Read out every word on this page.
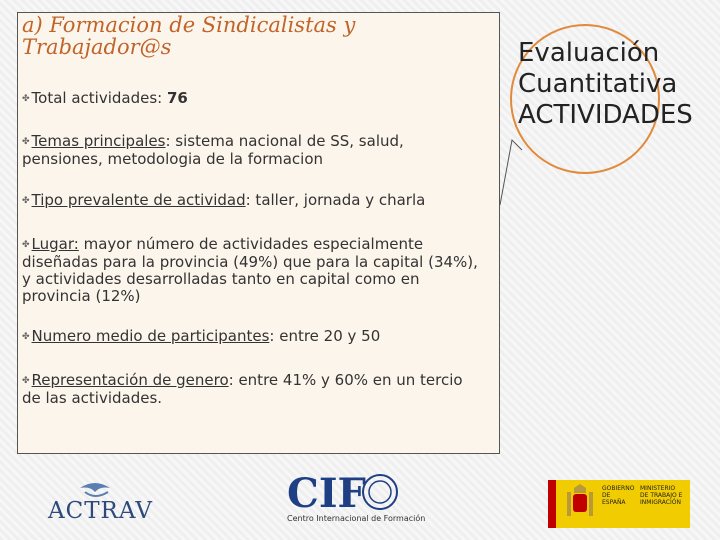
a) Formacion de Sindicalistas y Trabajador@s
✤ Total actividades: 76
✤ Temas principales: sistema nacional de SS, salud, pensiones, metodologia de la formacion
✤ Tipo prevalente de actividad: taller, jornada y charla
✤ Lugar: mayor número de actividades especialmente diseñadas para la provincia (49%) que para la capital (34%), y actividades desarrolladas tanto en capital como en provincia (12%)
✤ Numero medio de participantes: entre 20 y 50
✤ Representación de genero: entre 41% y 60% en un tercio de las actividades.
Evaluación
Cuantitativa
ACTIVIDADES
ACTRAV	CIF
Centro Internacional de Formación
GOBIERNO DE ESPAÑA
MINISTERIO DE TRABAJO E INMIGRACIÓN
